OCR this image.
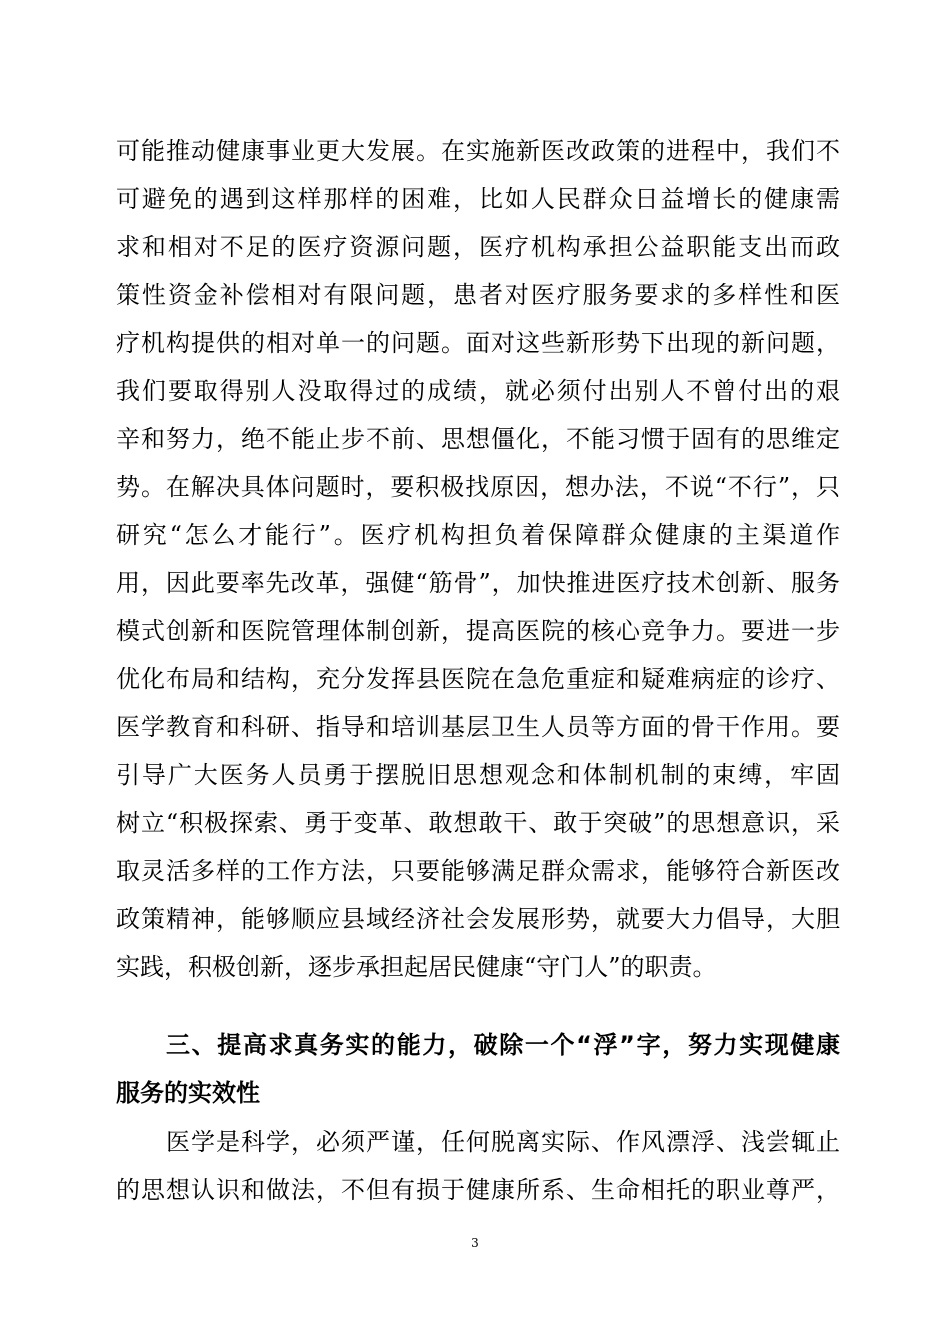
可能推动健康事业更大发展。在实施新医改政策的进程中，我们不
可避免的遇到这样那样的困难，比如人民群众日益增长的健康需
求和相对不足的医疗资源问题，医疗机构承担公益职能支出而政
策性资金补偿相对有限问题，患者对医疗服务要求的多样性和医
疗机构提供的相对单一的问题。面对这些新形势下出现的新问题，
我们要取得别人没取得过的成绩，就必须付出别人不曾付出的艰
辛和努力，绝不能止步不前、思想僵化，不能习惯于固有的思维定
势。在解决具体问题时，要积极找原因，想办法，不说“不行”，只
研究“怎么才能行”。医疗机构担负着保障群众健康的主渠道作
用，因此要率先改革，强健“筋骨”，加快推进医疗技术创新、服务
模式创新和医院管理体制创新，提高医院的核心竞争力。要进一步
优化布局和结构，充分发挥县医院在急危重症和疑难病症的诊疗、
医学教育和科研、指导和培训基层卫生人员等方面的骨干作用。要
引导广大医务人员勇于摆脱旧思想观念和体制机制的束缚，牢固
树立“积极探索、勇于变革、敢想敢干、敢于突破”的思想意识，采
取灵活多样的工作方法，只要能够满足群众需求，能够符合新医改
政策精神，能够顺应县域经济社会发展形势，就要大力倡导，大胆
实践，积极创新，逐步承担起居民健康“守门人”的职责。
三、提高求真务实的能力，破除一个“浮”字，努力实现健康
服务的实效性
医学是科学，必须严谨，任何脱离实际、作风漂浮、浅尝辄止
的思想认识和做法，不但有损于健康所系、生命相托的职业尊严，
3
